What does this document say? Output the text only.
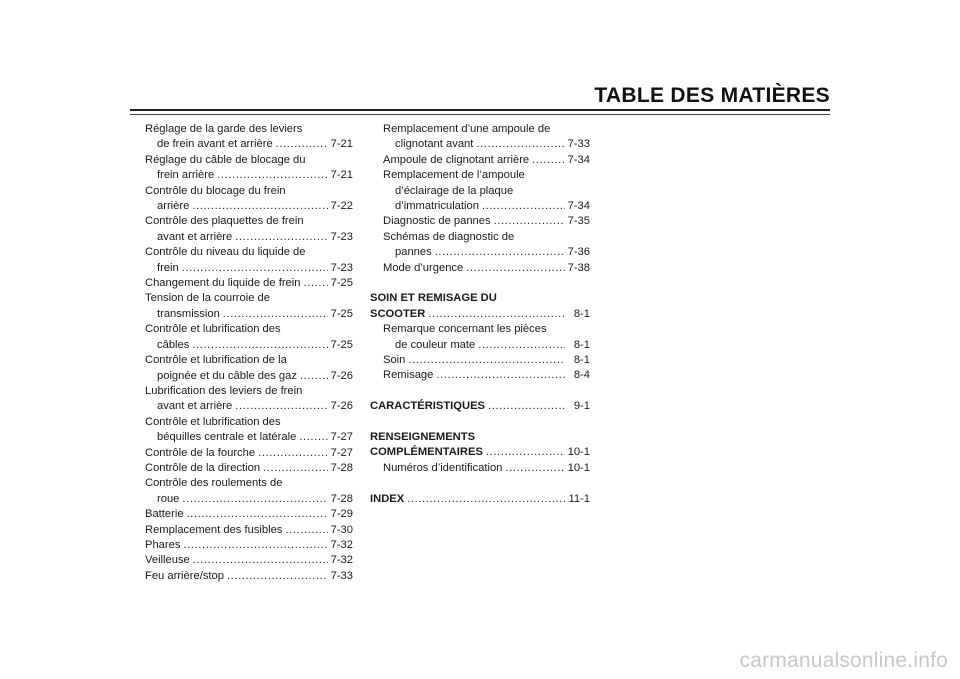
TABLE DES MATIÈRES
Réglage de la garde des leviers
de frein avant et arrière .....	7-21
Réglage du câble de blocage du
frein arrière .....	7-21
Contrôle du blocage du frein
arrière .....	7-22
Contrôle des plaquettes de frein
avant et arrière .....	7-23
Contrôle du niveau du liquide de
frein .....	7-23
Changement du liquide de frein .....	7-25
Tension de la courroie de
transmission .....	7-25
Contrôle et lubrification des
câbles .....	7-25
Contrôle et lubrification de la
poignée et du câble des gaz .....	7-26
Lubrification des leviers de frein
avant et arrière .....	7-26
Contrôle et lubrification des
béquilles centrale et latérale .....	7-27
Contrôle de la fourche .....	7-27
Contrôle de la direction .....	7-28
Contrôle des roulements de
roue .....	7-28
Batterie .....	7-29
Remplacement des fusibles .....	7-30
Phares .....	7-32
Veilleuse .....	7-32
Feu arrière/stop .....	7-33
Remplacement d’une ampoule de
clignotant avant .....	7-33
Ampoule de clignotant arrière .....	7-34
Remplacement de l’ampoule
d’éclairage de la plaque
d’immatriculation .....	7-34
Diagnostic de pannes .....	7-35
Schémas de diagnostic de
pannes .....	7-36
Mode d’urgence .....	7-38
SOIN ET REMISAGE DU
SCOOTER .....	8-1
Remarque concernant les pièces
de couleur mate .....	8-1
Soin .....	8-1
Remisage .....	8-4
CARACTÉRISTIQUES .....	9-1
RENSEIGNEMENTS
COMPLÉMENTAIRES .....	10-1
Numéros d’identification .....	10-1
INDEX .....	11-1
carmanualsonline.info
